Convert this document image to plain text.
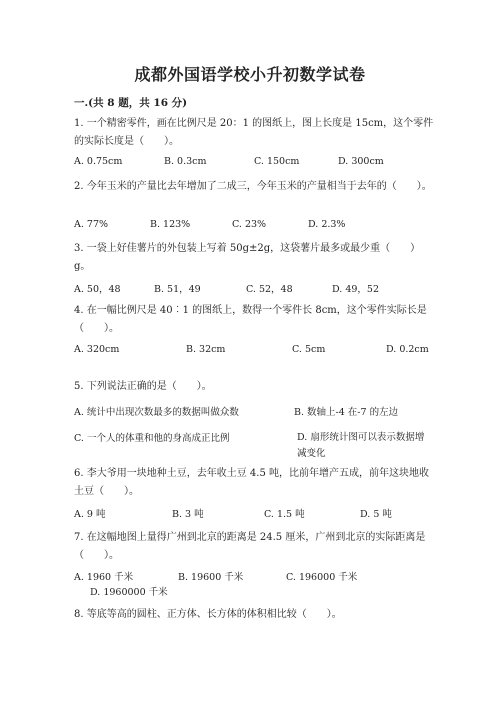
成都外国语学校小升初数学试卷
一.(共 8 题，共 16 分)
1. 一个精密零件，画在比例尺是 20：1 的图纸上，图上长度是 15cm，这个零件的实际长度是（　　）。
A. 0.75cm	B. 0.3cm	C. 150cm	D. 300cm
2. 今年玉米的产量比去年增加了二成三，今年玉米的产量相当于去年的（　　）。
A. 77%	B. 123%	C. 23%	D. 2.3%
3. 一袋上好佳薯片的外包装上写着 50g±2g，这袋薯片最多或最少重（　　）g。
A. 50，48	B. 51，49	C. 52，48	D. 49，52
4. 在一幅比例尺是 40︰1 的图纸上，数得一个零件长 8cm，这个零件实际长是（　　）。
A. 320cm	B. 32cm	C. 5cm	D. 0.2cm
5. 下列说法正确的是（　　）。
A. 统计中出现次数最多的数据叫做众数	B. 数轴上-4 在-7 的左边
C. 一个人的体重和他的身高成正比例	D. 扇形统计图可以表示数据增减变化
6. 李大爷用一块地种土豆，去年收土豆 4.5 吨，比前年增产五成，前年这块地收土豆（　　）。
A. 9 吨	B. 3 吨	C. 1.5 吨	D. 5 吨
7. 在这幅地图上量得广州到北京的距离是 24.5 厘米，广州到北京的实际距离是（　　）。
A. 1960 千米	B. 19600 千米	C. 196000 千米
D. 1960000 千米
8. 等底等高的圆柱、正方体、长方体的体积相比较（　　）。
